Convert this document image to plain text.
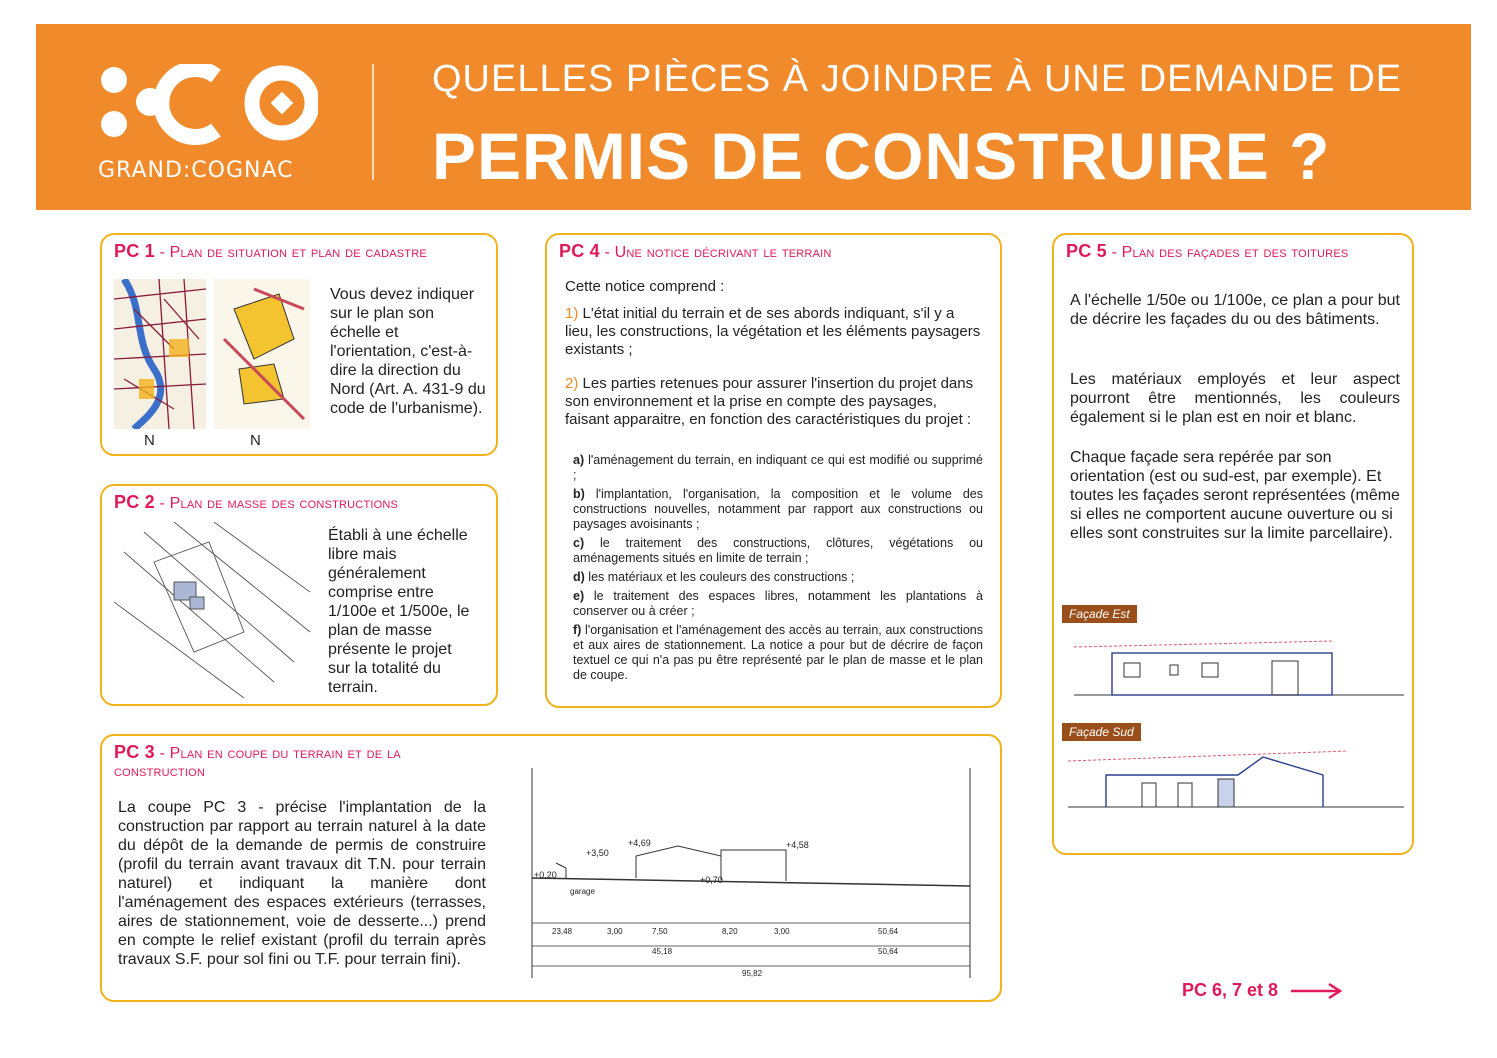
GRAND:COGNAC
QUELLES PIÈCES À JOINDRE À UNE DEMANDE DE
PERMIS DE CONSTRUIRE ?
PC 1 - Plan de situation et plan de cadastre
N	N
Vous devez indiquer sur le plan son échelle et l'orientation, c'est-à-dire la direction du Nord (Art. A. 431-9 du code de l'urbanisme).
PC 2 - Plan de masse des constructions
Établi à une échelle libre mais généralement comprise entre 1/100e et 1/500e, le plan de masse présente le projet sur la totalité du terrain.
PC 3 - Plan en coupe du terrain et de la
construction
La coupe PC 3 - précise l'implantation de la construction par rapport au terrain naturel à la date du dépôt de la demande de permis de construire (profil du terrain avant travaux dit T.N. pour terrain naturel) et indiquant la manière dont l'aménagement des espaces extérieurs (terrasses, aires de stationnement, voie de desserte...) prend en compte le relief existant (profil du terrain après travaux S.F. pour sol fini ou T.F. pour terrain fini).
+4,69
+3,50
+4,58
+0,20	+0,70
garage
23,48	3,00	7,50	8,20	3,00	50,64
45,18	50,64
95,82
PC 4 - Une notice décrivant le terrain
Cette notice comprend :
1) L'état initial du terrain et de ses abords indiquant, s'il y a lieu, les constructions, la végétation et les éléments paysagers existants ;
2) Les parties retenues pour assurer l'insertion du projet dans son environnement et la prise en compte des paysages, faisant apparaitre, en fonction des caractéristiques du projet :

a) l'aménagement du terrain, en indiquant ce qui est modifié ou supprimé ;

b) l'implantation, l'organisation, la composition et le volume des constructions nouvelles, notamment par rapport aux constructions ou paysages avoisinants ;

c) le traitement des constructions, clôtures, végétations ou aménagements situés en limite de terrain ;

d) les matériaux et les couleurs des constructions ;

e) le traitement des espaces libres, notamment les plantations à conserver ou à créer ;

f) l'organisation et l'aménagement des accès au terrain, aux constructions et aux aires de stationnement. La notice a pour but de décrire de façon textuel ce qui n'a pas pu être représenté par le plan de masse et le plan de coupe.

PC 5 - Plan des façades et des toitures
A l'échelle 1/50e ou 1/100e, ce plan a pour but de décrire les façades du ou des bâtiments.
Les matériaux employés et leur aspect pourront être mentionnés, les couleurs également si le plan est en noir et blanc.
Chaque façade sera repérée par son orientation (est ou sud-est, par exemple). Et toutes les façades seront représentées (même si elles ne comportent aucune ouverture ou si elles sont construites sur la limite parcellaire).
Façade Est
Façade Sud
PC 6, 7 et 8
